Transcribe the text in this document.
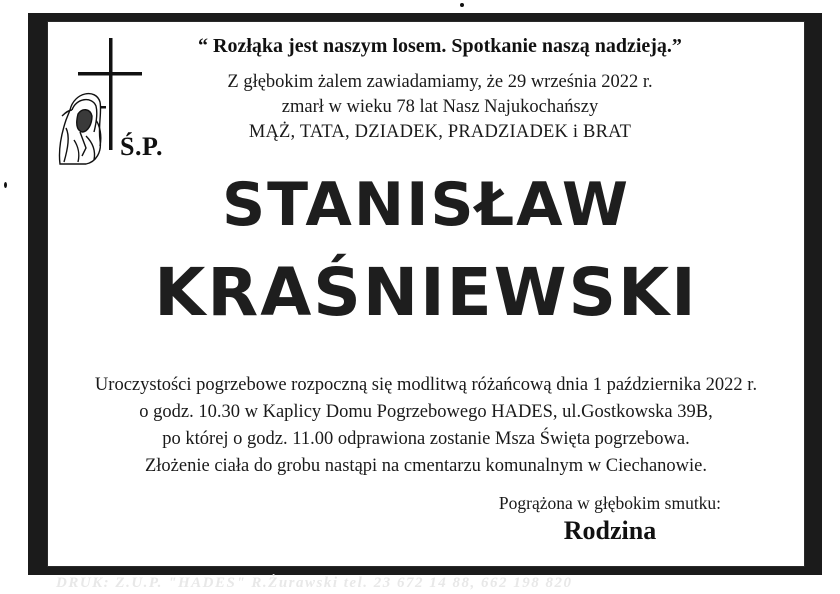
Ś.P.
“ Rozłąka jest naszym losem. Spotkanie naszą nadzieją.”
Z głębokim żalem zawiadamiamy, że 29 września 2022 r.
zmarł w wieku 78 lat Nasz Najukochańszy
MĄŻ, TATA, DZIADEK, PRADZIADEK i BRAT
STANISŁAW
KRAŚNIEWSKI
Uroczystości pogrzebowe rozpoczną się modlitwą różańcową dnia 1 października 2022 r.
o godz. 10.30 w Kaplicy Domu Pogrzebowego HADES, ul.Gostkowska 39B,
po której o godz. 11.00 odprawiona zostanie Msza Święta pogrzebowa.
Złożenie ciała do grobu nastąpi na cmentarzu komunalnym w Ciechanowie.
Pogrążona w głębokim smutku:
Rodzina
DRUK: Z.U.P. "HADES" R.Żurawski tel. 23 672 14 88, 662 198 820
